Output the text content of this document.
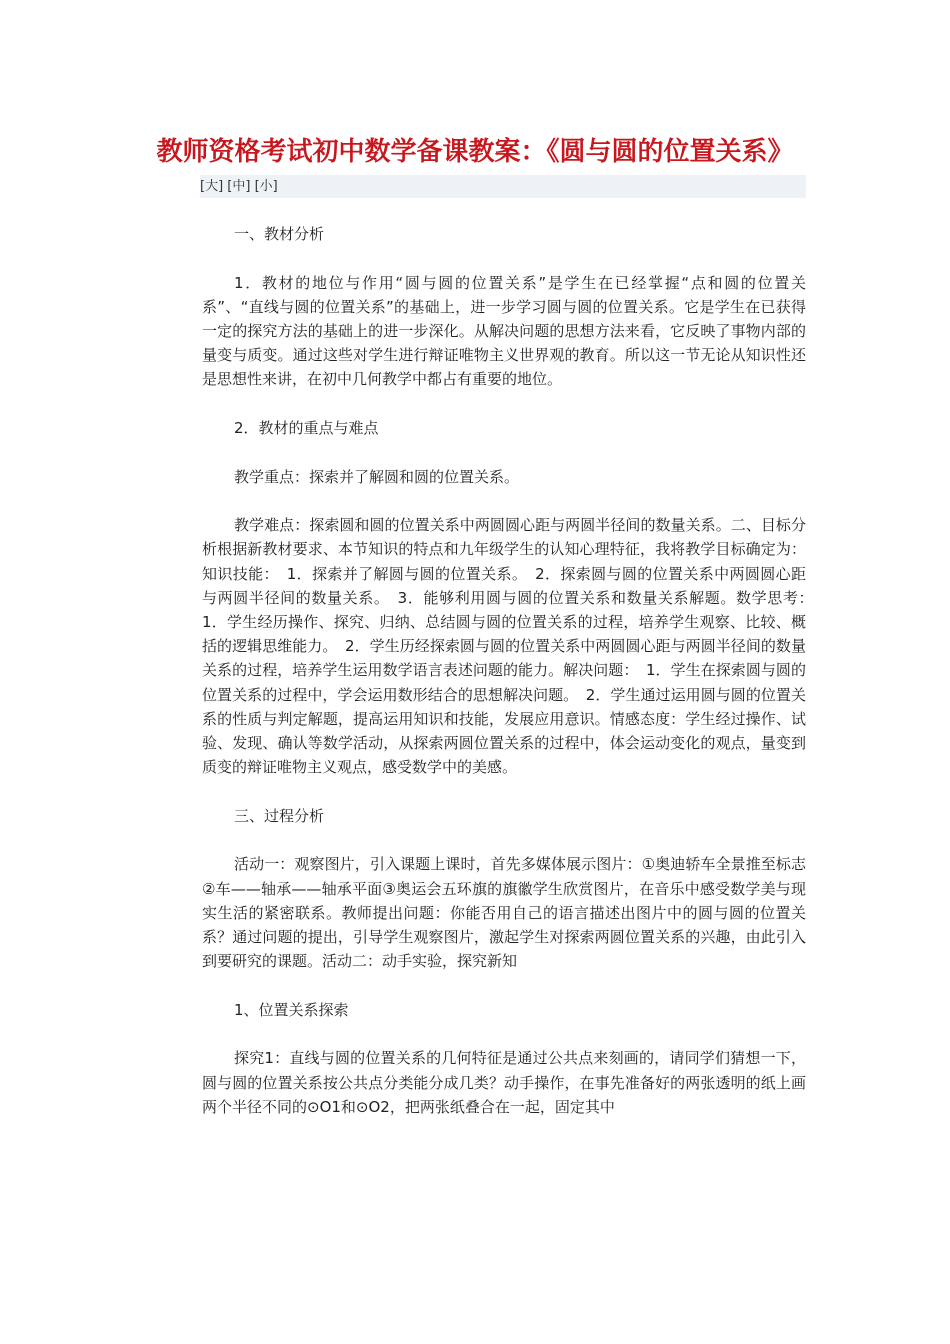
教师资格考试初中数学备课教案：《圆与圆的位置关系》
[大] [中] [小]

一、教材分析

1．教材的地位与作用“圆与圆的位置关系”是学生在已经掌握“点和圆的位置关系”、“直线与圆的位置关系”的基础上，进一步学习圆与圆的位置关系。它是学生在已获得一定的探究方法的基础上的进一步深化。从解决问题的思想方法来看，它反映了事物内部的量变与质变。通过这些对学生进行辩证唯物主义世界观的教育。所以这一节无论从知识性还是思想性来讲，在初中几何教学中都占有重要的地位。

2．教材的重点与难点

教学重点：探索并了解圆和圆的位置关系。

教学难点：探索圆和圆的位置关系中两圆圆心距与两圆半径间的数量关系。二、目标分析根据新教材要求、本节知识的特点和九年级学生的认知心理特征，我将教学目标确定为：知识技能：　1．探索并了解圆与圆的位置关系。　2．探索圆与圆的位置关系中两圆圆心距与两圆半径间的数量关系。　3．能够利用圆与圆的位置关系和数量关系解题。数学思考：　1．学生经历操作、探究、归纳、总结圆与圆的位置关系的过程，培养学生观察、比较、概括的逻辑思维能力。　2．学生历经探索圆与圆的位置关系中两圆圆心距与两圆半径间的数量关系的过程，培养学生运用数学语言表述问题的能力。解决问题：　1．学生在探索圆与圆的位置关系的过程中，学会运用数形结合的思想解决问题。　2．学生通过运用圆与圆的位置关系的性质与判定解题，提高运用知识和技能，发展应用意识。情感态度：学生经过操作、试验、发现、确认等数学活动，从探索两圆位置关系的过程中，体会运动变化的观点，量变到质变的辩证唯物主义观点，感受数学中的美感。

三、过程分析

活动一：观察图片，引入课题上课时，首先多媒体展示图片：①奥迪轿车全景推至标志②车——轴承——轴承平面③奥运会五环旗的旗徽学生欣赏图片，在音乐中感受数学美与现实生活的紧密联系。教师提出问题：你能否用自己的语言描述出图片中的圆与圆的位置关系？通过问题的提出，引导学生观察图片，激起学生对探索两圆位置关系的兴趣，由此引入到要研究的课题。活动二：动手实验，探究新知

1、位置关系探索

探究1：直线与圆的位置关系的几何特征是通过公共点来刻画的，请同学们猜想一下，圆与圆的位置关系按公共点分类能分成几类？动手操作，在事先准备好的两张透明的纸上画两个半径不同的⊙O1和⊙O2，把两张纸叠合在一起，固定其中
